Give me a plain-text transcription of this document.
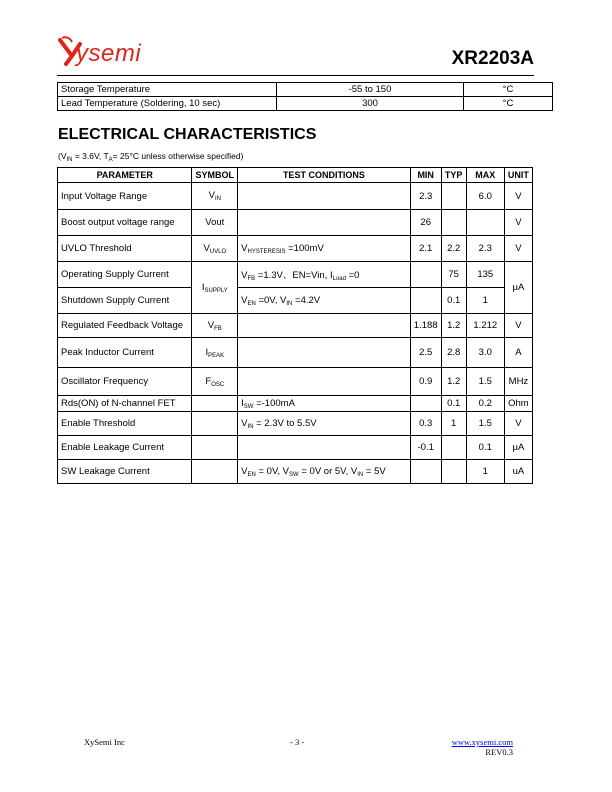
ysemi	XR2203A
Storage Temperature	-55 to 150	°C
Lead Temperature (Soldering, 10 sec)	300	°C
ELECTRICAL CHARACTERISTICS
($V_{IN} = 3.6V$, $T_A= 25^\circ C$ unless otherwise specified)
PARAMETER	SYMBOL	TEST CONDITIONS	MIN	TYP	MAX	UNIT
Input Voltage Range	$V_{IN}$		2.3		6.0	V
Boost output voltage range	Vout		26			V
UVLO Threshold	$V_{UVLO}$	$V_{HYSTERESIS} =100mV$	2.1	2.2	2.3	V
Operating Supply Current	$I_{SUPPLY}$	$V_{FB} =1.3V$、EN=Vin, $I_{Load} =0$		75	135	μA
Shutdown Supply Current		$V_{EN} =0V$, $V_{IN} =4.2V$		0.1	1	
Regulated Feedback Voltage	$V_{FB}$		1.188	1.2	1.212	V
Peak Inductor Current	$I_{PEAK}$		2.5	2.8	3.0	A
Oscillator Frequency	$F_{OSC}$		0.9	1.2	1.5	MHz
Rds(ON) of N-channel FET		$I_{SW} =-100mA$		0.1	0.2	Ohm
Enable Threshold		$V_{IN} = 2.3V$ to 5.5V	0.3	1	1.5	V
Enable Leakage Current			-0.1		0.1	μA
SW Leakage Current		$V_{EN} = 0V$, $V_{SW} = 0V$ or 5V, $V_{IN} = 5V$			1	uA
XySemi Inc	- 3 -	www.xysemi.com
REV0.3
